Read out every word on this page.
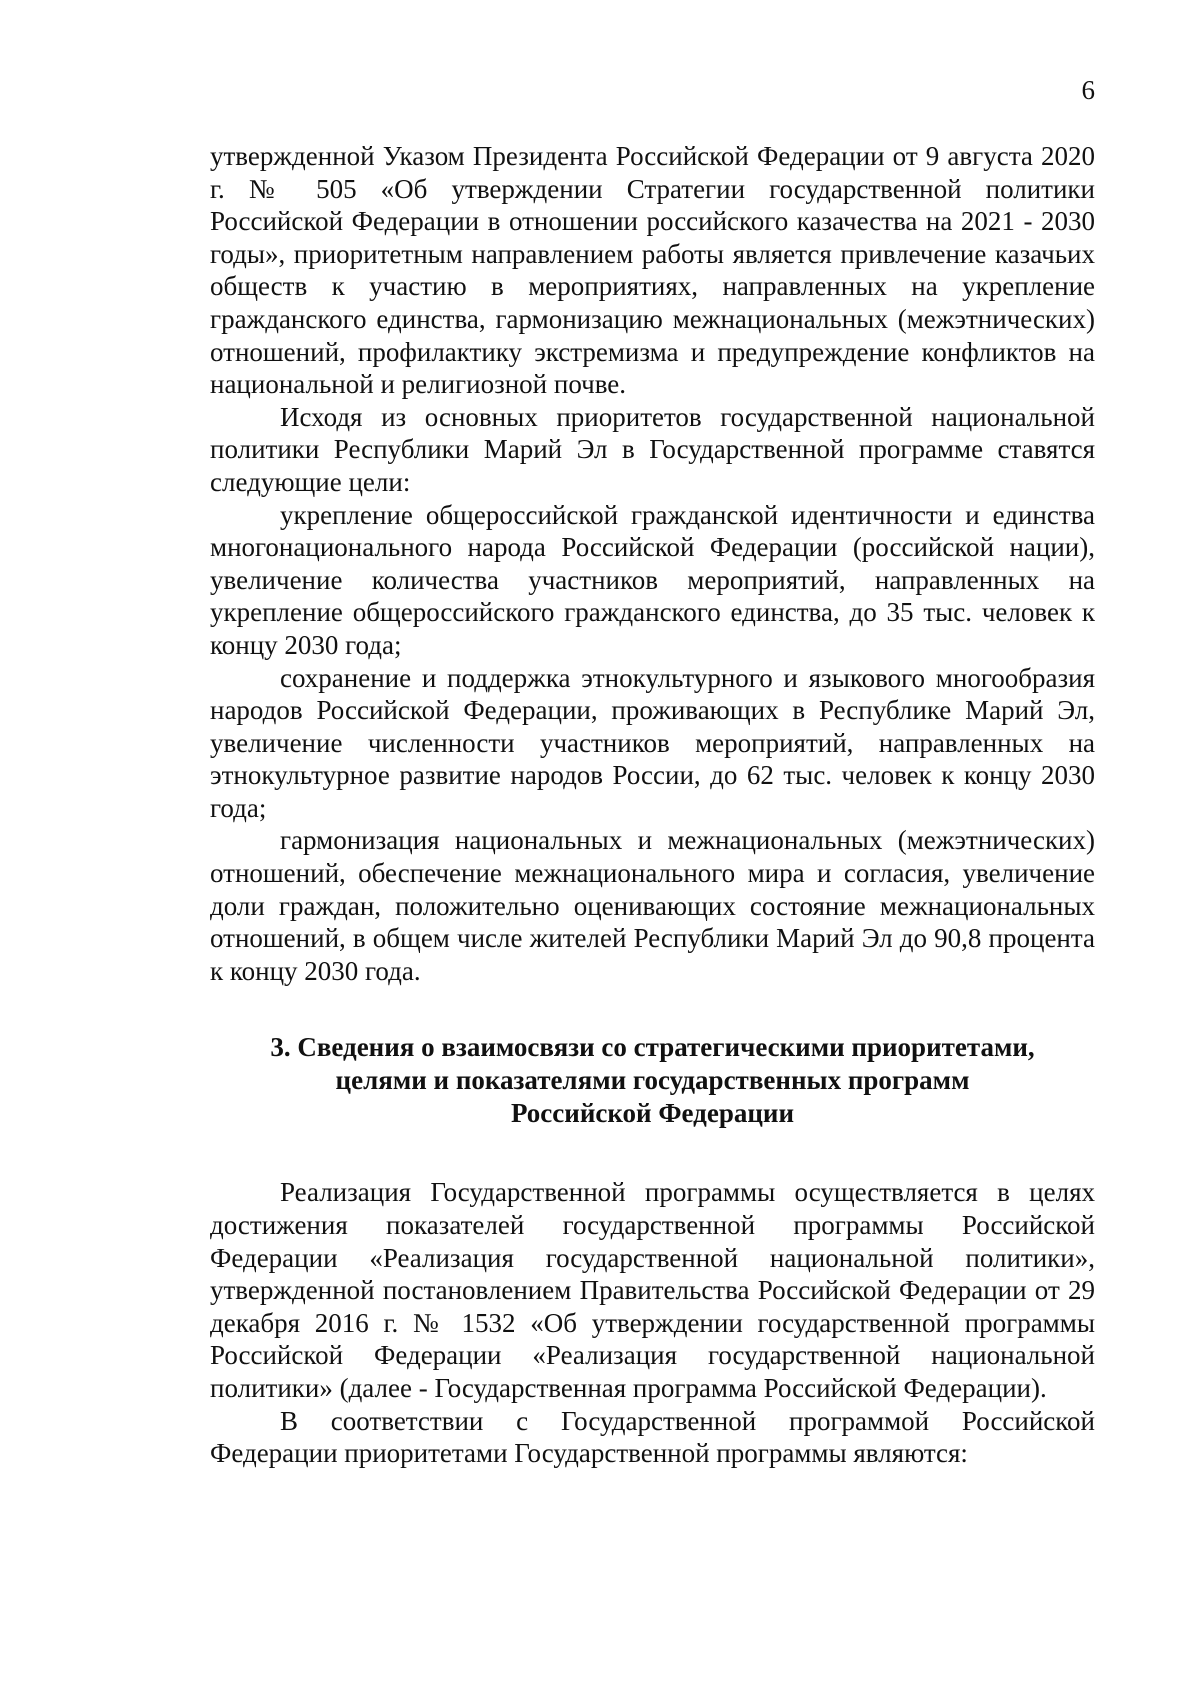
6

утвержденной Указом Президента Российской Федерации от 9 августа 2020 г. № 505 «Об утверждении Стратегии государственной политики Российской Федерации в отношении российского казачества на 2021 - 2030 годы», приоритетным направлением работы является привлечение казачьих обществ к участию в мероприятиях, направленных на укрепление гражданского единства, гармонизацию межнациональных (межэтнических) отношений, профилактику экстремизма и предупреждение конфликтов на национальной и религиозной почве.

Исходя из основных приоритетов государственной национальной политики Республики Марий Эл в Государственной программе ставятся следующие цели:

укрепление общероссийской гражданской идентичности и единства многонационального народа Российской Федерации (российской нации), увеличение количества участников мероприятий, направленных на укрепление общероссийского гражданского единства, до 35 тыс. человек к концу 2030 года;

сохранение и поддержка этнокультурного и языкового многообразия народов Российской Федерации, проживающих в Республике Марий Эл, увеличение численности участников мероприятий, направленных на этнокультурное развитие народов России, до 62 тыс. человек к концу 2030 года;

гармонизация национальных и межнациональных (межэтнических) отношений, обеспечение межнационального мира и согласия, увеличение доли граждан, положительно оценивающих состояние межнациональных отношений, в общем числе жителей Республики Марий Эл до 90,8 процента к концу 2030 года.

3. Сведения о взаимосвязи со стратегическими приоритетами,
целями и показателями государственных программ
Российской Федерации

Реализация Государственной программы осуществляется в целях достижения показателей государственной программы Российской Федерации «Реализация государственной национальной политики», утвержденной постановлением Правительства Российской Федерации от 29 декабря 2016 г. № 1532 «Об утверждении государственной программы Российской Федерации «Реализация государственной национальной политики» (далее - Государственная программа Российской Федерации).

В соответствии с Государственной программой Российской Федерации приоритетами Государственной программы являются:
